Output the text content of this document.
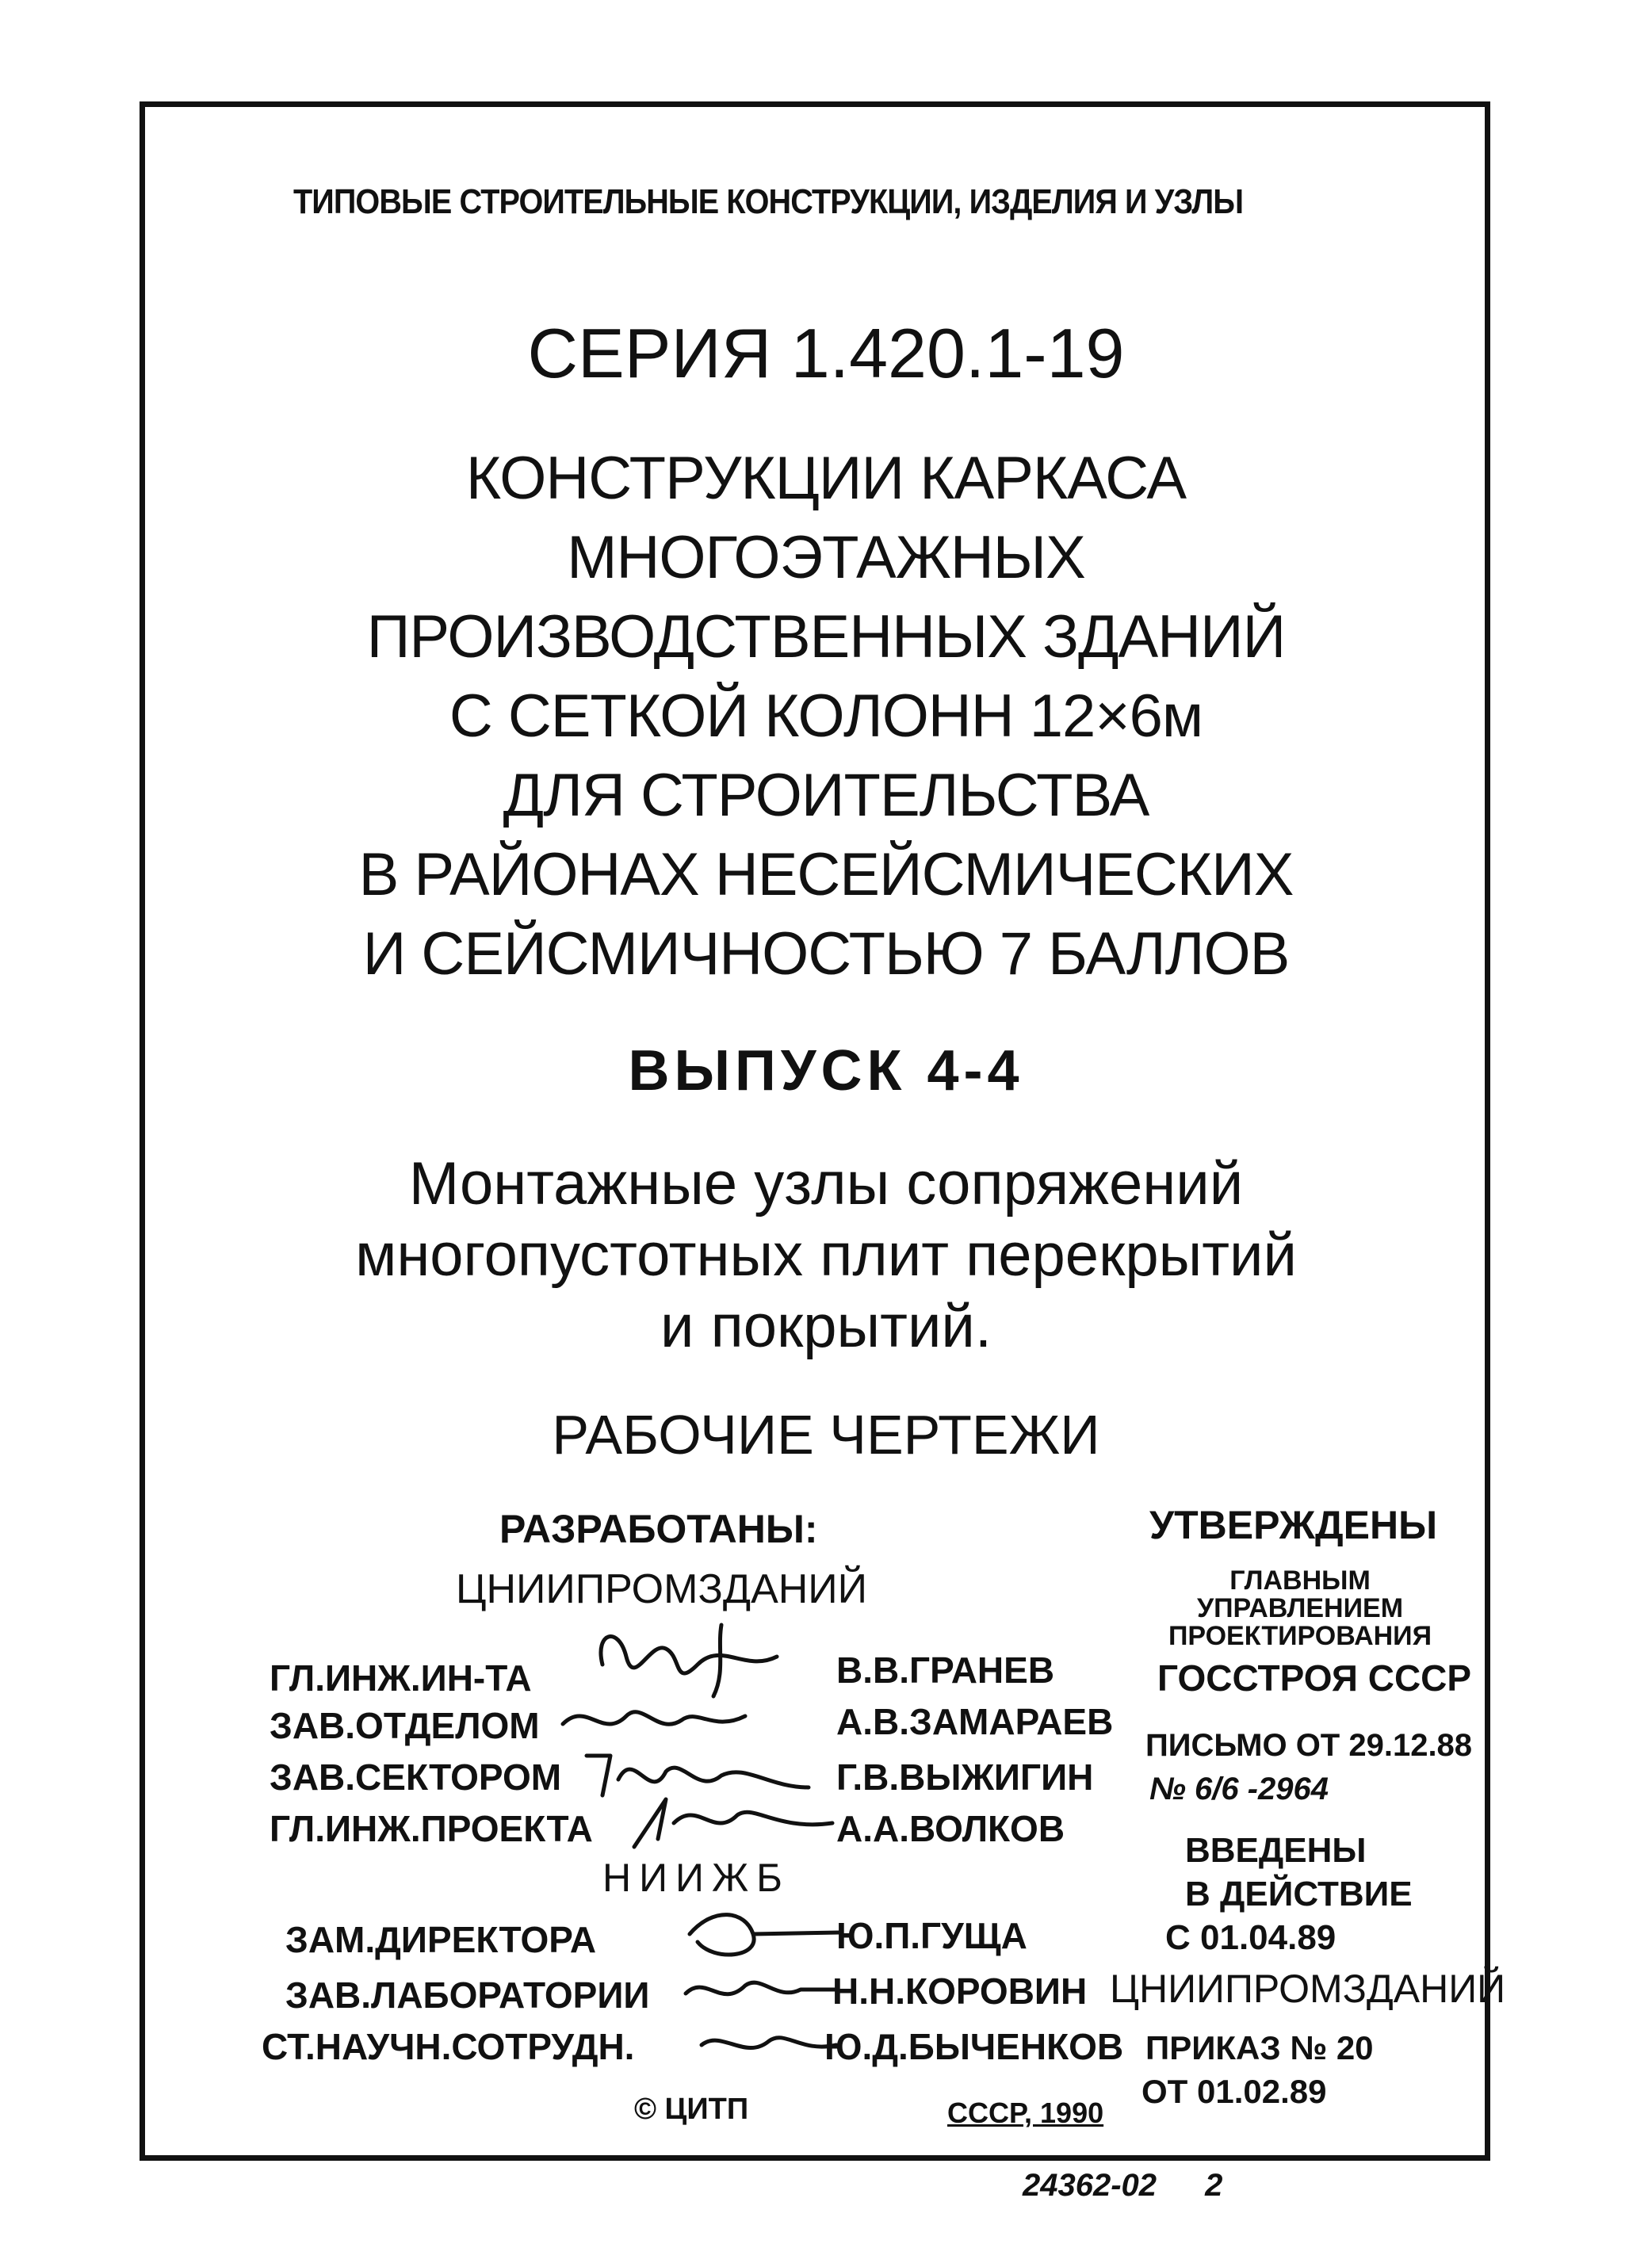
ТИПОВЫЕ СТРОИТЕЛЬНЫЕ КОНСТРУКЦИИ, ИЗДЕЛИЯ И УЗЛЫ
СЕРИЯ 1.420.1-19
КОНСТРУКЦИИ КАРКАСА
МНОГОЭТАЖНЫХ
ПРОИЗВОДСТВЕННЫХ ЗДАНИЙ
С СЕТКОЙ КОЛОНН 12×6м
ДЛЯ СТРОИТЕЛЬСТВА
В РАЙОНАХ НЕСЕЙСМИЧЕСКИХ
И СЕЙСМИЧНОСТЬЮ 7 БАЛЛОВ
ВЫПУСК 4-4
Монтажные узлы сопряжений
многопустотных плит перекрытий
и покрытий.
РАБОЧИЕ ЧЕРТЕЖИ
РАЗРАБОТАНЫ:
ЦНИИПРОМЗДАНИЙ
ГЛ.ИНЖ.ИН-ТА	В.В.ГРАНЕВ
ЗАВ.ОТДЕЛОМ	А.В.ЗАМАРАЕВ
ЗАВ.СЕКТОРОМ	Г.В.ВЫЖИГИН
ГЛ.ИНЖ.ПРОЕКТА	А.А.ВОЛКОВ
НИИЖБ
ЗАМ.ДИРЕКТОРА	Ю.П.ГУЩА
ЗАВ.ЛАБОРАТОРИИ	Н.Н.КОРОВИН
СТ.НАУЧН.СОТРУДН.	Ю.Д.БЫЧЕНКОВ
УТВЕРЖДЕНЫ
ГЛАВНЫМ
УПРАВЛЕНИЕМ
ПРОЕКТИРОВАНИЯ
ГОССТРОЯ СССР
ПИСЬМО ОТ 29.12.88
№ 6/6 -2964
ВВЕДЕНЫ
В ДЕЙСТВИЕ
С 01.04.89
ЦНИИПРОМЗДАНИЙ
ПРИКАЗ № 20
ОТ 01.02.89
© ЦИТП	СССР, 1990
24362-02 2
